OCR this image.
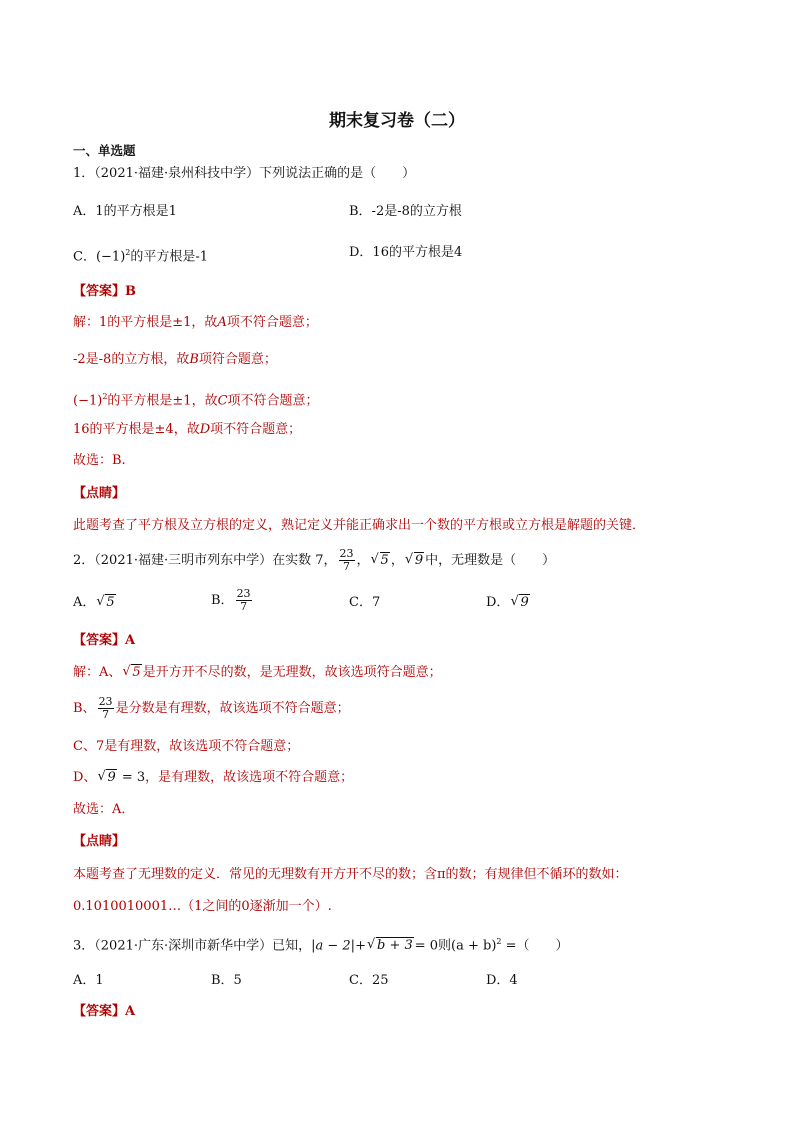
期末复习卷（二）
一、单选题
1．（2021·福建·泉州科技中学）下列说法正确的是（　　）
A．1的平方根是1	B．-2是-8的立方根
C．$(-1)^2$的平方根是-1	D．16的平方根是4
【答案】B
解：1的平方根是±1，故A项不符合题意；
-2是-8的立方根，故B项符合题意；
$(-1)^2$的平方根是±1，故C项不符合题意；
16的平方根是±4，故D项不符合题意；
故选：B.
【点睛】
此题考查了平方根及立方根的定义，熟记定义并能正确求出一个数的平方根或立方根是解题的关键．
2．（2021·福建·三明市列东中学）在实数 7， $\frac{23}{7}$ ， √ 5 ， √ 9 中，无理数是（　　）
A． √ 5	B． $\frac{23}{7}$	C．7	D． √ 9
【答案】A
解：A、 √ 5 是开方开不尽的数，是无理数，故该选项符合题意；
B、 $\frac{23}{7}$ 是分数是有理数，故该选项不符合题意；
C、7是有理数，故该选项不符合题意；
D、 √ 9 = 3，是有理数，故该选项不符合题意；
故选：A．
【点睛】
本题考查了无理数的定义．常见的无理数有开方开不尽的数；含π的数；有规律但不循环的数如：
0.1010010001…（1之间的0逐渐加一个）.
3．（2021·广东·深圳市新华中学）已知，|a − 2|+ √ b + 3 = 0则$(a + b)^2$ =（　　）
A．1	B．5	C．25	D．4
【答案】A
